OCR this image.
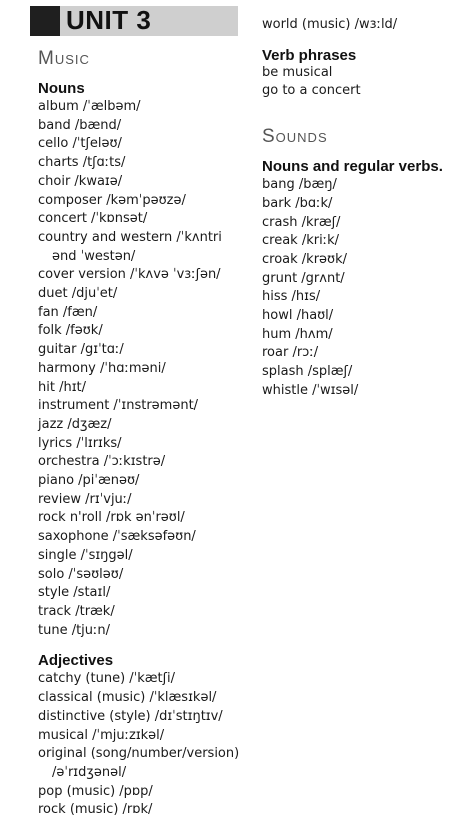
UNIT 3
Music
Nouns
album /ˈælbəm/
band /bænd/
cello /ˈtʃeləʊ/
charts /tʃɑːts/
choir /kwaɪə/
composer /kəmˈpəʊzə/
concert /ˈkɒnsət/
country and western /ˈkʌntri
ənd ˈwestən/
cover version /ˈkʌvə ˈvɜːʃən/
duet /djuˈet/
fan /fæn/
folk /fəʊk/
guitar /gɪˈtɑː/
harmony /ˈhɑːməni/
hit /hɪt/
instrument /ˈɪnstrəmənt/
jazz /dʒæz/
lyrics /ˈlɪrɪks/
orchestra /ˈɔːkɪstrə/
piano /piˈænəʊ/
review /rɪˈvjuː/
rock n'roll /rɒk ənˈrəʊl/
saxophone /ˈsæksəfəʊn/
single /ˈsɪŋgəl/
solo /ˈsəʊləʊ/
style /staɪl/
track /træk/
tune /tjuːn/
Adjectives
catchy (tune) /ˈkætʃi/
classical (music) /ˈklæsɪkəl/
distinctive (style) /dɪˈstɪŋtɪv/
musical /ˈmjuːzɪkəl/
original (song/number/version)
/əˈrɪdʒənəl/
pop (music) /pɒp/
rock (music) /rɒk/
world (music) /wɜːld/
Verb phrases
be musical
go to a concert
Sounds
Nouns and regular verbs.
bang /bæŋ/
bark /bɑːk/
crash /kræʃ/
creak /kriːk/
croak /krəʊk/
grunt /grʌnt/
hiss /hɪs/
howl /haʊl/
hum /hʌm/
roar /rɔː/
splash /splæʃ/
whistle /ˈwɪsəl/
